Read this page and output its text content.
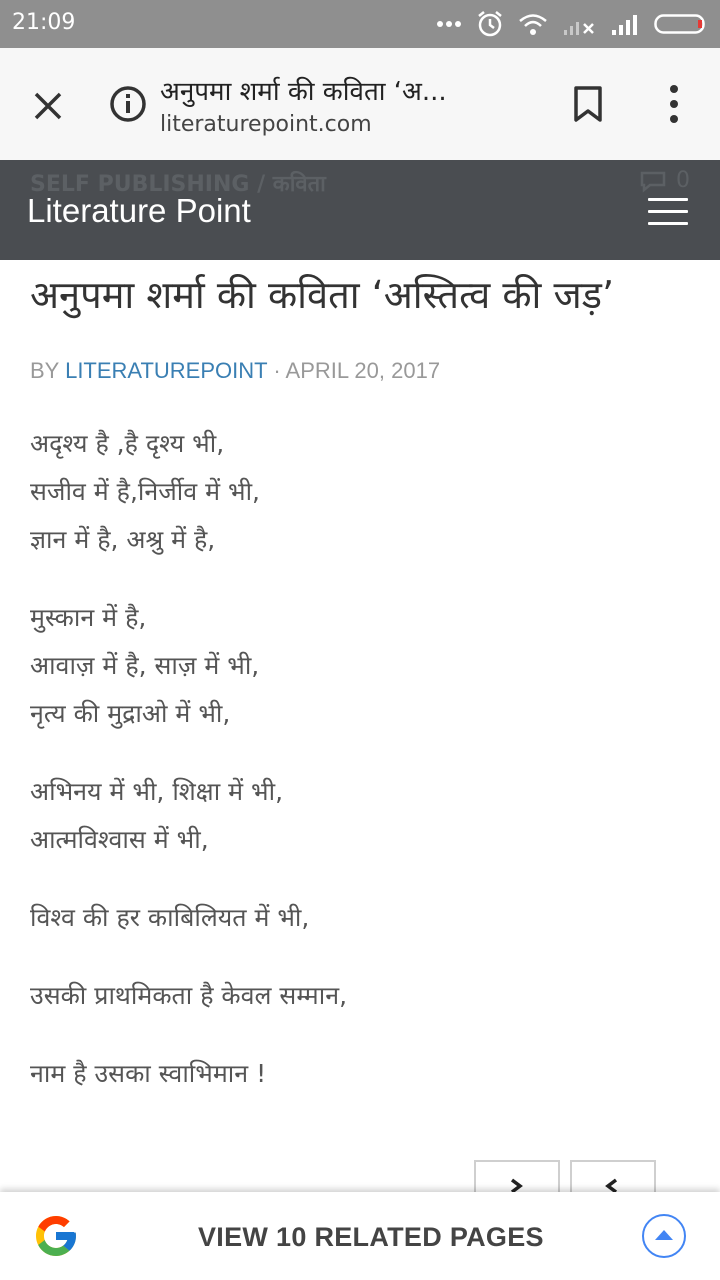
21:09
अनुपमा शर्मा की कविता ‘अ...
literaturepoint.com
SELF PUBLISHING / कविता	0
Literature Point
अनुपमा शर्मा की कविता ‘अस्तित्व की जड़’
BY LITERATUREPOINT · APRIL 20, 2017

अदृश्य है ,है दृश्य भी,

सजीव में है,निर्जीव में भी,

ज्ञान में है, अश्रु में है,

मुस्कान में है,

आवाज़ में है, साज़ में भी,

नृत्य की मुद्राओ में भी,

अभिनय में भी, शिक्षा में भी,

आत्मविश्वास में भी,

विश्व की हर काबिलियत में भी,

उसकी प्राथमिकता है केवल सम्मान,

नाम है उसका स्वाभिमान !

VIEW 10 RELATED PAGES
